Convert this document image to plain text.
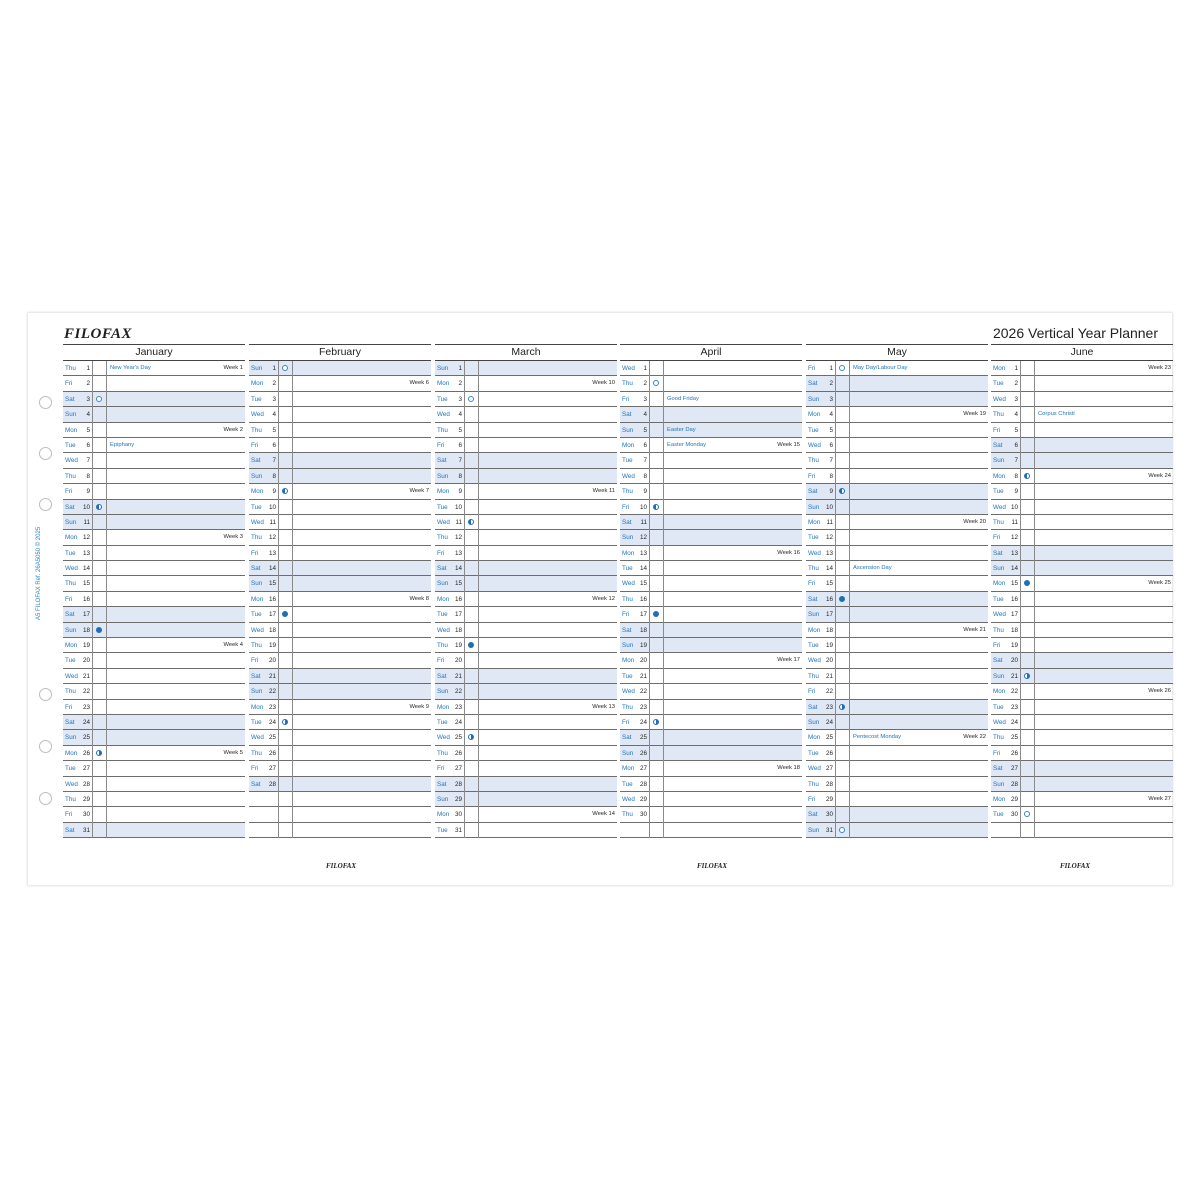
FILOFAX	2026 Vertical Year Planner
A5 FILOFAX Ref. 26A5050 © 2025
January
Thu	1	New Year's Day	Week 1
Fri	2
Sat	3
Sun	4
Mon	5	Week 2
Tue	6	Epiphany
Wed	7
Thu	8
Fri	9
Sat	10
Sun	11
Mon 12	Week 3
Tue	13
Wed 14
Thu	15
Fri	16
Sat	17
Sun	18
Mon 19	Week 4
Tue	20
Wed 21
Thu	22
Fri	23
Sat	24
Sun	25
Mon 26	Week 5
Tue	27
Wed 28
Thu	29
Fri	30
Sat	31
February
Sun	1
Mon	2	Week 6
Tue	3
Wed	4
Thu	5
Fri	6
Sat	7
Sun	8
Mon	9	Week 7
Tue	10
Wed 11
Thu	12
Fri	13
Sat	14
Sun	15
Mon 16	Week 8
Tue	17
Wed 18
Thu	19
Fri	20
Sat	21
Sun	22
Mon 23	Week 9
Tue	24
Wed 25
Thu	26
Fri	27
Sat	28
March
Sun	1
Mon	2	Week 10
Tue	3
Wed	4
Thu	5
Fri	6
Sat	7
Sun	8
Mon	9	Week 11
Tue	10
Wed 11
Thu	12
Fri	13
Sat	14
Sun	15
Mon 16	Week 12
Tue	17
Wed 18
Thu	19
Fri	20
Sat	21
Sun	22
Mon 23	Week 13
Tue	24
Wed 25
Thu	26
Fri	27
Sat	28
Sun	29
Mon 30	Week 14
Tue	31
April
Wed	1
Thu	2
Fri	3	Good Friday
Sat	4
Sun	5	Easter Day
Mon	6	Easter Monday	Week 15
Tue	7
Wed	8
Thu	9
Fri	10
Sat	11
Sun	12
Mon 13	Week 16
Tue	14
Wed 15
Thu	16
Fri	17
Sat	18
Sun	19
Mon 20	Week 17
Tue	21
Wed 22
Thu	23
Fri	24
Sat	25
Sun	26
Mon 27	Week 18
Tue	28
Wed 29
Thu	30
May
Fri	1	May Day/Labour Day
Sat	2
Sun	3
Mon	4	Week 19
Tue	5
Wed	6
Thu	7
Fri	8
Sat	9
Sun	10
Mon 11	Week 20
Tue	12
Wed 13
Thu	14	Ascension Day
Fri	15
Sat	16
Sun	17
Mon 18	Week 21
Tue	19
Wed 20
Thu	21
Fri	22
Sat	23
Sun	24
Mon 25	Pentecost Monday	Week 22
Tue	26
Wed 27
Thu	28
Fri	29
Sat	30
Sun	31
June
Mon	1	Week 23
Tue	2
Wed	3
Thu	4	Corpus Christi
Fri	5
Sat	6
Sun	7
Mon	8	Week 24
Tue	9
Wed 10
Thu	11
Fri	12
Sat	13
Sun	14
Mon 15	Week 25
Tue	16
Wed 17
Thu	18
Fri	19
Sat	20
Sun	21
Mon 22	Week 26
Tue	23
Wed 24
Thu	25
Fri	26
Sat	27
Sun	28
Mon 29	Week 27
Tue	30
FILOFAX	FILOFAX	FILOFAX
